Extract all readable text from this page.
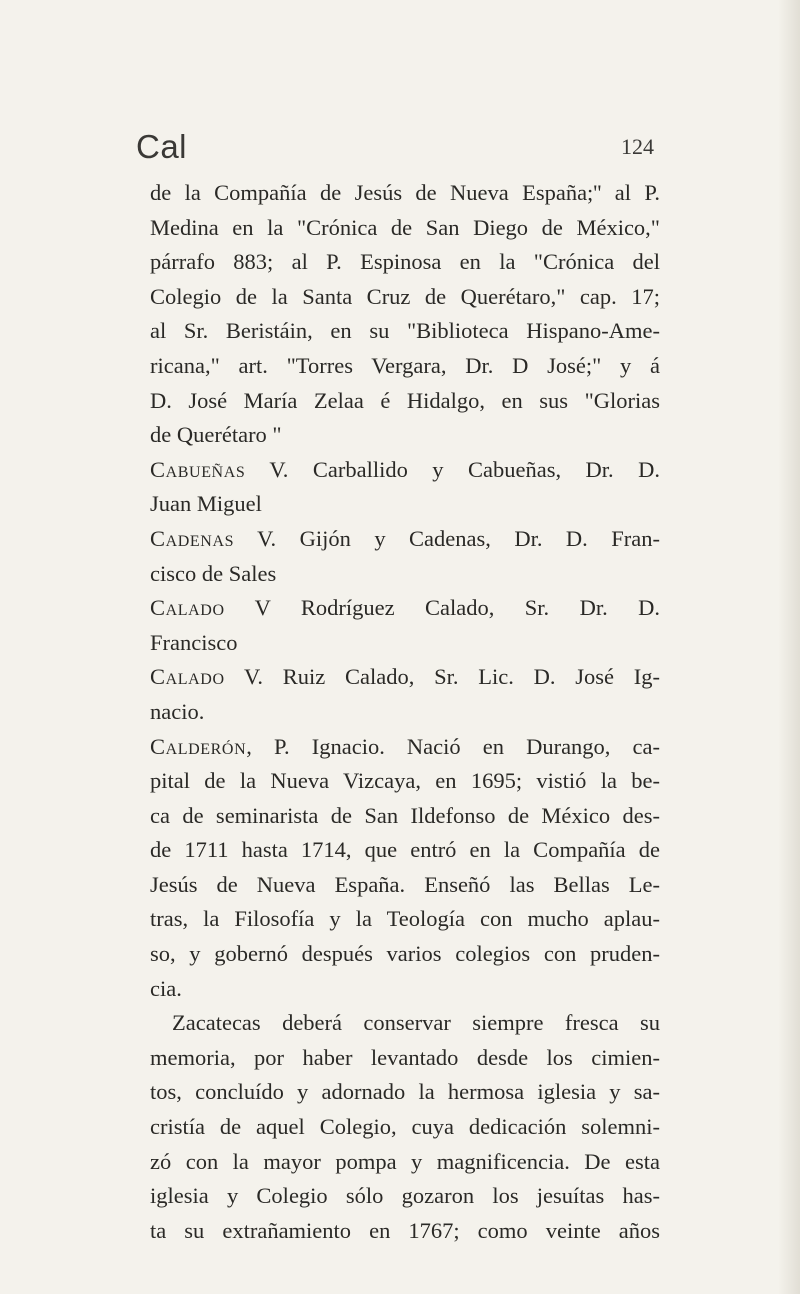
Cal	124
de la Compañía de Jesús de Nueva España;'' al P.
Medina en la "Crónica de San Diego de México,"
párrafo 883; al P. Espinosa en la "Crónica del
Colegio de la Santa Cruz de Querétaro," cap. 17;
al Sr. Beristáin, en su "Biblioteca Hispano-Ame-
ricana," art. "Torres Vergara, Dr. D José;" y á
D. José María Zelaa é Hidalgo, en sus "Glorias
de Querétaro "
Cabueñas V. Carballido y Cabueñas, Dr. D.
Juan Miguel
Cadenas V. Gijón y Cadenas, Dr. D. Fran-
cisco de Sales
Calado V Rodríguez Calado, Sr. Dr. D.
Francisco
Calado V. Ruiz Calado, Sr. Lic. D. José Ig-
nacio.
Calderón, P. Ignacio. Nació en Durango, ca-
pital de la Nueva Vizcaya, en 1695; vistió la be-
ca de seminarista de San Ildefonso de México des-
de 1711 hasta 1714, que entró en la Compañía de
Jesús de Nueva España. Enseñó las Bellas Le-
tras, la Filosofía y la Teología con mucho aplau-
so, y gobernó después varios colegios con pruden-
cia.
Zacatecas deberá conservar siempre fresca su
memoria, por haber levantado desde los cimien-
tos, concluído y adornado la hermosa iglesia y sa-
cristía de aquel Colegio, cuya dedicación solemni-
zó con la mayor pompa y magnificencia. De esta
iglesia y Colegio sólo gozaron los jesuítas has-
ta su extrañamiento en 1767; como veinte años
